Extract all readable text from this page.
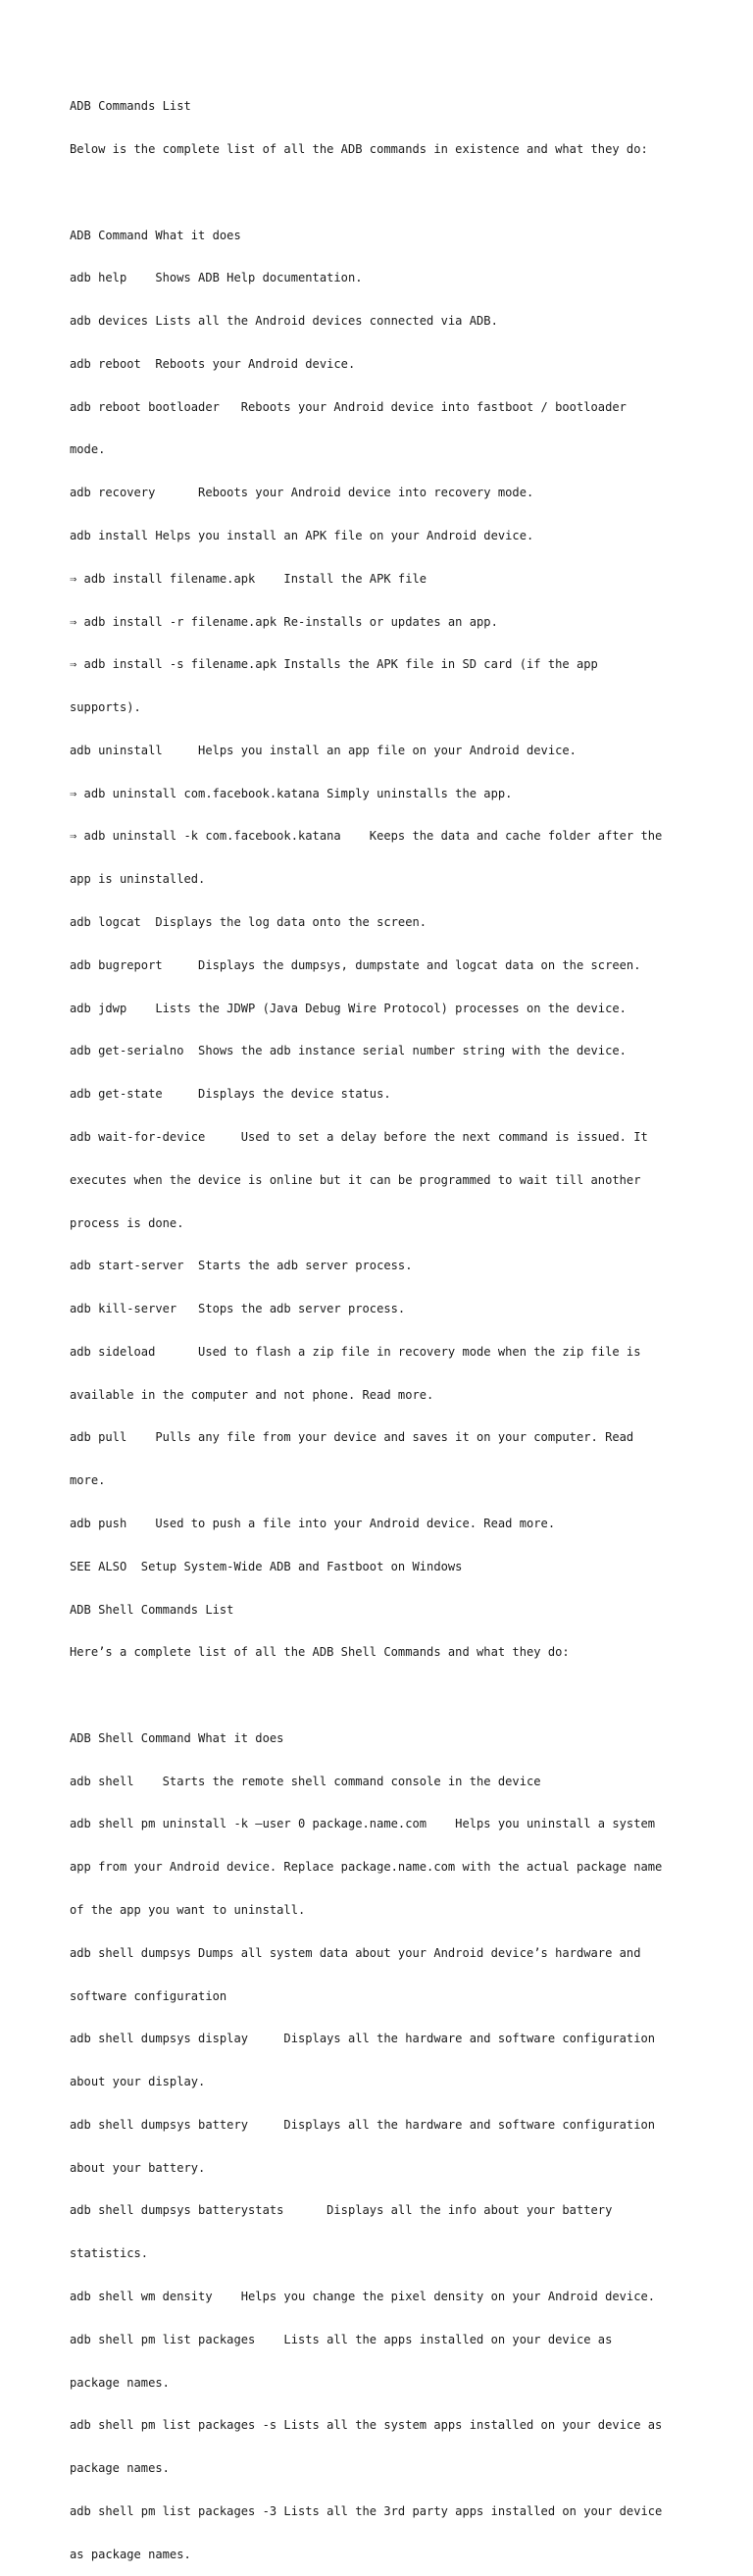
ADB Commands List

Below is the complete list of all the ADB commands in existence and what they do:

ADB Command What it does

adb help    Shows ADB Help documentation.

adb devices Lists all the Android devices connected via ADB.

adb reboot  Reboots your Android device.

adb reboot bootloader   Reboots your Android device into fastboot / bootloader

mode.

adb recovery      Reboots your Android device into recovery mode.

adb install Helps you install an APK file on your Android device.

⇒ adb install filename.apk    Install the APK file

⇒ adb install -r filename.apk Re-installs or updates an app.

⇒ adb install -s filename.apk Installs the APK file in SD card (if the app

supports).

adb uninstall     Helps you install an app file on your Android device.

⇒ adb uninstall com.facebook.katana Simply uninstalls the app.

⇒ adb uninstall -k com.facebook.katana    Keeps the data and cache folder after the

app is uninstalled.

adb logcat  Displays the log data onto the screen.

adb bugreport     Displays the dumpsys, dumpstate and logcat data on the screen.

adb jdwp    Lists the JDWP (Java Debug Wire Protocol) processes on the device.

adb get-serialno  Shows the adb instance serial number string with the device.

adb get-state     Displays the device status.

adb wait-for-device     Used to set a delay before the next command is issued. It

executes when the device is online but it can be programmed to wait till another

process is done.

adb start-server  Starts the adb server process.

adb kill-server   Stops the adb server process.

adb sideload      Used to flash a zip file in recovery mode when the zip file is

available in the computer and not phone. Read more.

adb pull    Pulls any file from your device and saves it on your computer. Read

more.

adb push    Used to push a file into your Android device. Read more.

SEE ALSO  Setup System-Wide ADB and Fastboot on Windows

ADB Shell Commands List

Here’s a complete list of all the ADB Shell Commands and what they do:

ADB Shell Command What it does

adb shell    Starts the remote shell command console in the device

adb shell pm uninstall -k –user 0 package.name.com    Helps you uninstall a system

app from your Android device. Replace package.name.com with the actual package name

of the app you want to uninstall.

adb shell dumpsys Dumps all system data about your Android device’s hardware and

software configuration

adb shell dumpsys display     Displays all the hardware and software configuration

about your display.

adb shell dumpsys battery     Displays all the hardware and software configuration

about your battery.

adb shell dumpsys batterystats      Displays all the info about your battery

statistics.

adb shell wm density    Helps you change the pixel density on your Android device.

adb shell pm list packages    Lists all the apps installed on your device as

package names.

adb shell pm list packages -s Lists all the system apps installed on your device as

package names.

adb shell pm list packages -3 Lists all the 3rd party apps installed on your device

as package names.
